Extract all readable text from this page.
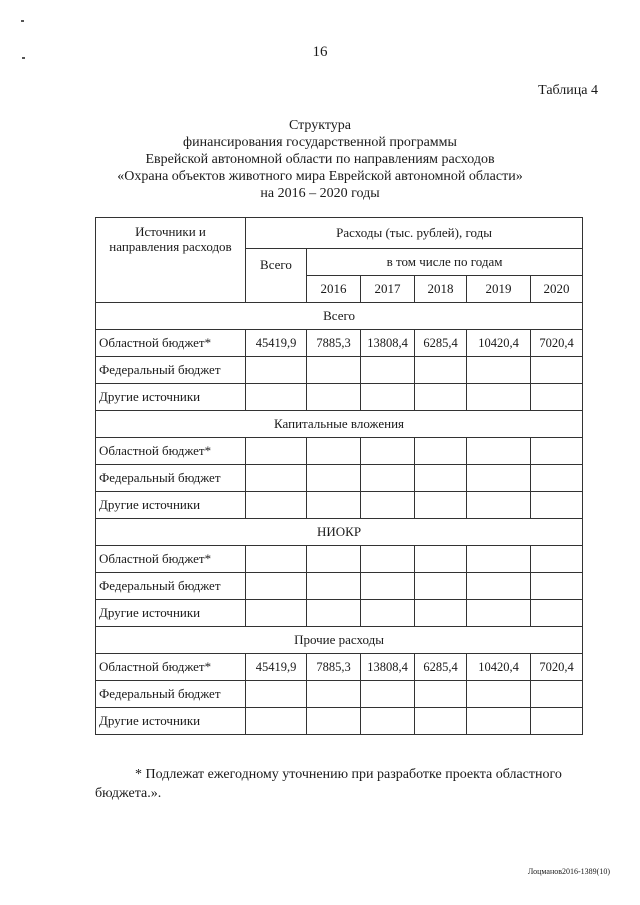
16
Таблица 4
Структура
финансирования государственной программы
Еврейской автономной области по направлениям расходов
«Охрана объектов животного мира Еврейской автономной области»
на 2016 – 2020 годы
Источники и направления расходов	Расходы (тыс. рублей), годы					
	Всего	в том числе по годам				
		2016	2017	2018	2019	2020
Всего						
Областной бюджет*	45419,9	7885,3	13808,4	6285,4	10420,4	7020,4
Федеральный бюджет						
Другие источники						
Капитальные вложения						
Областной бюджет*						
Федеральный бюджет						
Другие источники						
НИОКР						
Областной бюджет*						
Федеральный бюджет						
Другие источники						
Прочие расходы						
Областной бюджет*	45419,9	7885,3	13808,4	6285,4	10420,4	7020,4
Федеральный бюджет						
Другие источники						
* Подлежат ежегодному уточнению при разработке проекта областного бюджета.».
Лоцманов2016-1389(10)
